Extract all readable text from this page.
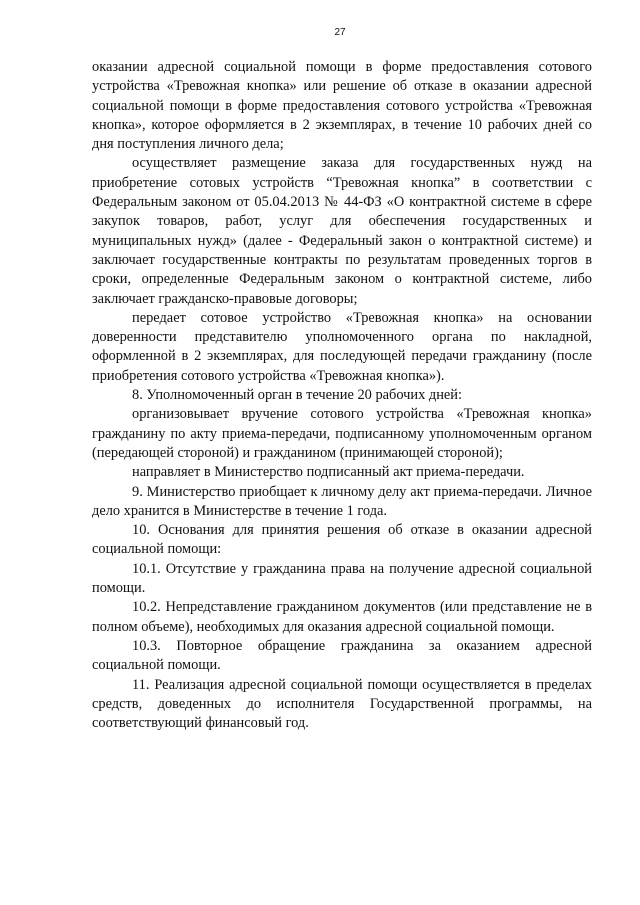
27

оказании адресной социальной помощи в форме предоставления сотового устройства «Тревожная кнопка» или решение об отказе в оказании адресной социальной помощи в форме предоставления сотового устройства «Тревожная кнопка», которое оформляется в 2 экземплярах, в течение 10 рабочих дней со дня поступления личного дела;

осуществляет размещение заказа для государственных нужд на приобретение сотовых устройств “Тревожная кнопка” в соответствии с Федеральным законом от 05.04.2013 № 44-ФЗ «О контрактной системе в сфере закупок товаров, работ, услуг для обеспечения государственных и муниципальных нужд» (далее - Федеральный закон о контрактной системе) и заключает государственные контракты по результатам проведенных торгов в сроки, определенные Федеральным законом о контрактной системе, либо заключает гражданско-правовые договоры;

передает сотовое устройство «Тревожная кнопка» на основании доверенности представителю уполномоченного органа по накладной, оформленной в 2 экземплярах, для последующей передачи гражданину (после приобретения сотового устройства «Тревожная кнопка»).

8. Уполномоченный орган в течение 20 рабочих дней:

организовывает вручение сотового устройства «Тревожная кнопка» гражданину по акту приема-передачи, подписанному уполномоченным органом (передающей стороной) и гражданином (принимающей стороной);

направляет в Министерство подписанный акт приема-передачи.

9. Министерство приобщает к личному делу акт приема-передачи. Личное дело хранится в Министерстве в течение 1 года.

10. Основания для принятия решения об отказе в оказании адресной социальной помощи:

10.1. Отсутствие у гражданина права на получение адресной социальной помощи.

10.2. Непредставление гражданином документов (или представление не в полном объеме), необходимых для оказания адресной социальной помощи.

10.3. Повторное обращение гражданина за оказанием адресной социальной помощи.

11. Реализация адресной социальной помощи осуществляется в пределах средств, доведенных до исполнителя Государственной программы, на соответствующий финансовый год.
